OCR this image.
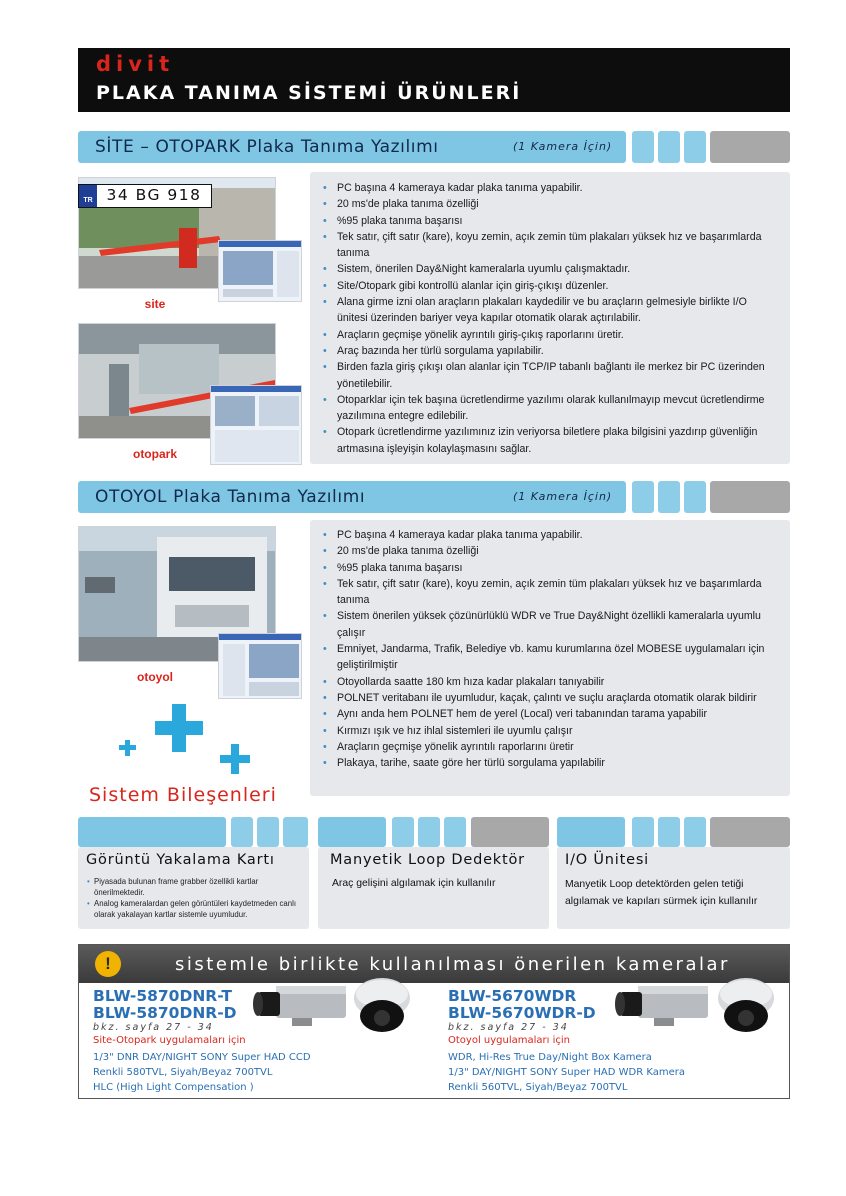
divit
PLAKA TANIMA SİSTEMİ ÜRÜNLERİ
SİTE – OTOPARK Plaka Tanıma Yazılımı	(1 Kamera İçin)
TR 34 BG 918
site
otopark
• PC başına 4 kameraya kadar plaka tanıma yapabilir.
• 20 ms'de plaka tanıma özelliği
• %95 plaka tanıma başarısı
• Tek satır, çift satır (kare), koyu zemin, açık zemin tüm plakaları yüksek hız ve başarımlarda tanıma
• Sistem, önerilen Day&Night kameralarla uyumlu çalışmaktadır.
• Site/Otopark gibi kontrollü alanlar için giriş-çıkışı düzenler.
• Alana girme izni olan araçların plakaları kaydedilir ve bu araçların gelmesiyle birlikte I/O ünitesi üzerinden bariyer veya kapılar otomatik olarak açtırılabilir.
• Araçların geçmişe yönelik ayrıntılı giriş-çıkış raporlarını üretir.
• Araç bazında her türlü sorgulama yapılabilir.
• Birden fazla giriş çıkışı olan alanlar için TCP/IP tabanlı bağlantı ile merkez bir PC üzerinden yönetilebilir.
• Otoparklar için tek başına ücretlendirme yazılımı olarak kullanılmayıp mevcut ücretlendirme yazılımına entegre edilebilir.
• Otopark ücretlendirme yazılımınız izin veriyorsa biletlere plaka bilgisini yazdırıp güvenliğin artmasına işleyişin kolaylaşmasını sağlar.
OTOYOL Plaka Tanıma Yazılımı	(1 Kamera İçin)
otoyol
Sistem Bileşenleri
• PC başına 4 kameraya kadar plaka tanıma yapabilir.
• 20 ms'de plaka tanıma özelliği
• %95 plaka tanıma başarısı
• Tek satır, çift satır (kare), koyu zemin, açık zemin tüm plakaları yüksek hız ve başarımlarda tanıma
• Sistem önerilen yüksek çözünürlüklü WDR ve True Day&Night özellikli kameralarla uyumlu çalışır
• Emniyet, Jandarma, Trafik, Belediye vb. kamu kurumlarına özel MOBESE uygulamaları için geliştirilmiştir
• Otoyollarda saatte 180 km hıza kadar plakaları tanıyabilir
• POLNET veritabanı ile uyumludur, kaçak, çalıntı ve suçlu araçlarda otomatik olarak bildirir
• Aynı anda hem POLNET hem de yerel (Local) veri tabanından tarama yapabilir
• Kırmızı ışık ve hız ihlal sistemleri ile uyumlu çalışır
• Araçların geçmişe yönelik ayrıntılı raporlarını üretir
• Plakaya, tarihe, saate göre her türlü sorgulama yapılabilir
Görüntü Yakalama Kartı
• Piyasada bulunan frame grabber özellikli kartlar önerilmektedir.
• Analog kameralardan gelen görüntüleri kaydetmeden canlı olarak yakalayan kartlar sistemle uyumludur.
Manyetik Loop Dedektör
Araç gelişini algılamak için kullanılır
I/O Ünitesi
Manyetik Loop detektörden gelen tetiği algılamak ve kapıları sürmek için kullanılır
!	sistemle birlikte kullanılması önerilen kameralar
BLW-5870DNR-T
BLW-5870DNR-D
bkz. sayfa 27 - 34
Site-Otopark uygulamaları için
1/3" DNR DAY/NIGHT SONY Super HAD CCD
Renkli 580TVL, Siyah/Beyaz 700TVL
HLC (High Light Compensation )
BLW-5670WDR
BLW-5670WDR-D
bkz. sayfa 27 - 34
Otoyol uygulamaları için
WDR, Hi-Res True Day/Night Box Kamera
1/3" DAY/NIGHT SONY Super HAD WDR Kamera
Renkli 560TVL, Siyah/Beyaz 700TVL
